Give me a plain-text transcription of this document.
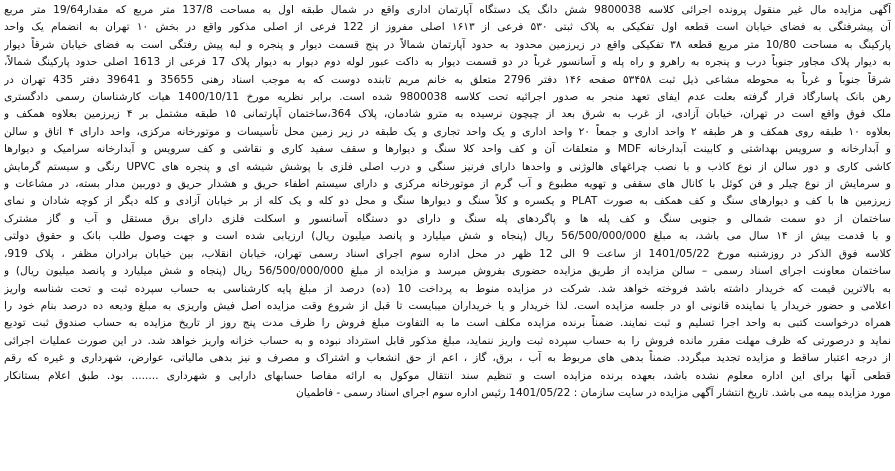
آگهی مزایده مال غیر منقول پرونده اجرائی کلاسه 9800038 شش دانگ یک دستگاه آپارتمان اداری واقع در شمال طبقه اول به مساحت 137/8 متر مربع که مقدار19/64 متر مربع
آن پیشرفتگی به فضای خیابان است قطعه اول تفکیکی به پلاک ثبتی ۵۳۰ فرعی از ۱۶۱۳ اصلی مفروز از 122 فرعی از اصلی مذکور واقع در بخش ۱۰ تهران به انضمام یک واحد
پارکینگ به مساحت 10/80 متر مربع قطعه ۳۸ تفکیکی واقع در زیرزمین محدود به حدود آپارتمان شمالاً در پنج قسمت دیوار و پنجره و لبه پیش رفتگی است به فضای خیابان شرقاً دیوار
به دیوار پلاک مجاور جنوباً درب و پنجره به راهرو و راه پله و آسانسور غرباً در دو قسمت دیوار به داکت عبور لوله دوم دیوار به دیوار پلاک 17 فرعی از 1613 اصلی حدود پارکینگ شمالاً،
شرقاً جنوباً و غرباً به محوطه مشاعی ذیل ثبت ۵۳۴۵۸ صفحه ۱۴۶ دفتر 2796 متعلق به خانم مریم تابنده دوست که به موجب اسناد رهنی 35655 و 39641 دفتر 435 تهران در
رهن بانک پاسارگاد قرار گرفته بعلت عدم ایفای تعهد منجر به صدور اجرائیه تحت کلاسه 9800038 شده است. برابر نظریه مورخ 1400/10/11 هیات کارشناسان رسمی دادگستری
ملک فوق واقع است در تهران، خیابان آزادی، از غرب به شرق بعد از چیچون نرسیده به مترو شادمان، پلاک 364،ساختمان آپارتمانی ۱۵ طبقه مشتمل بر ۴ زیرزمین بعلاوه همکف و
بعلاوه ۱۰ طبقه روی همکف و هر طبقه ۲ واحد اداری و جمعاً ۲۰ واحد اداری و یک واحد تجاری و یک طبقه در زیر زمین محل تأسیسات و موتورخانه مرکزی، واحد دارای ۴ اتاق و سالن
و آبدارخانه و سرویس بهداشتی و کابینت آبدارخانه MDF و متعلقات آن و کف واحد کلا سنگ و دیوارها و سقف سفید کاری و نقاشی و کف سرویس و آبدارخانه سرامیک و دیوارها
کاشی کاری و دور سالن از نوع کاذب و با نصب چراغهای هالوژنی و واحدها دارای فرنیز سنگی و درب اصلی فلزی با پوشش شیشه ای و پنجره های UPVC رنگی و سیستم گرمایش
و سرمایش از نوع چیلر و فن کوئل با کانال های سقفی و تهویه مطبوع و آب گرم از موتورخانه مرکزی و دارای سیستم اطفاء حریق و هشدار حریق و دوربین مدار بسته، در مشاعات و
زیرزمین ها با کف و دیوارهای سنگ و کف همکف به صورت PLAT و یکسره و کلاً سنگ و دیوارها سنگ و محل دو کله و یک کله از بر خیابان آزادی و کله دیگر از کوچه شادان و نمای
ساختمان از دو سمت شمالی و جنوبی سنگ و کف پله ها و پاگردهای پله سنگ و دارای دو دستگاه آسانسور و اسکلت فلزی دارای برق مستقل و آب و گاز مشترک
و با قدمت بیش از ۱۴ سال می باشد، به مبلغ 56/500/000/000 ریال (پنجاه و شش میلیارد و پانصد میلیون ریال) ارزیابی شده است و جهت وصول طلب بانک و حقوق دولتی
کلاسه فوق الذکر در روزشنبه مورخ 1401/05/22 از ساعت 9 الی 12 ظهر در محل اداره سوم اجرای اسناد رسمی تهران، خیابان انقلاب، بین خیابان برادران مظفر ، پلاک 919،
ساختمان معاونت اجرای اسناد رسمی – سالن مزایده از طریق مزایده حضوری بفروش میرسد و مزایده از مبلغ 56/500/000/000 ریال (پنجاه و شش میلیارد و پانصد میلیون ریال) و
به بالاترین قیمت که خریدار داشته باشد فروخته خواهد شد. شرکت در مزایده منوط به پرداخت 10 (ده) درصد از مبلغ پایه کارشناسی به حساب سپرده ثبت و تحت شناسه واریز
اعلامی و حضور خریدار یا نماینده قانونی او در جلسه مزایده است. لذا خریدار و یا خریداران میبایست تا قبل از شروع وقت مزایده اصل فیش واریزی به مبلغ ودیعه ده درصد بنام خود را
همراه درخواست کتبی به واحد اجرا تسلیم و ثبت نمایند. ضمناً برنده مزایده مکلف است ما به التفاوت مبلغ فروش را ظرف مدت پنج روز از تاریخ مزایده به حساب صندوق ثبت تودیع
نماید و درصورتی که ظرف مهلت مقرر مانده فروش را به حساب سپرده ثبت واریز ننماید، مبلغ مذکور قابل استرداد نبوده و به حساب خزانه واریز خواهد شد. در این صورت عملیات اجرائی
از درجه اعتبار ساقط و مزایده تجدید میگردد. ضمناً بدهی های مربوط به آب ، برق، گاز ، اعم از حق انشعاب و اشتراک و مصرف و نیز بدهی مالیاتی، عوارض، شهرداری و غیره که رقم
قطعی آنها برای این اداره معلوم نشده باشد، بعهده برنده مزایده است و تنظیم سند انتقال موکول به ارائه مفاصا حسابهای دارایی و شهرداری ........ بود. طبق اعلام بستانکار
مورد مزایده بیمه می باشد. تاریخ انتشار آگهی مزایده در سایت سازمان : 1401/05/22 رئیس اداره سوم اجرای اسناد رسمی - فاطمیان
